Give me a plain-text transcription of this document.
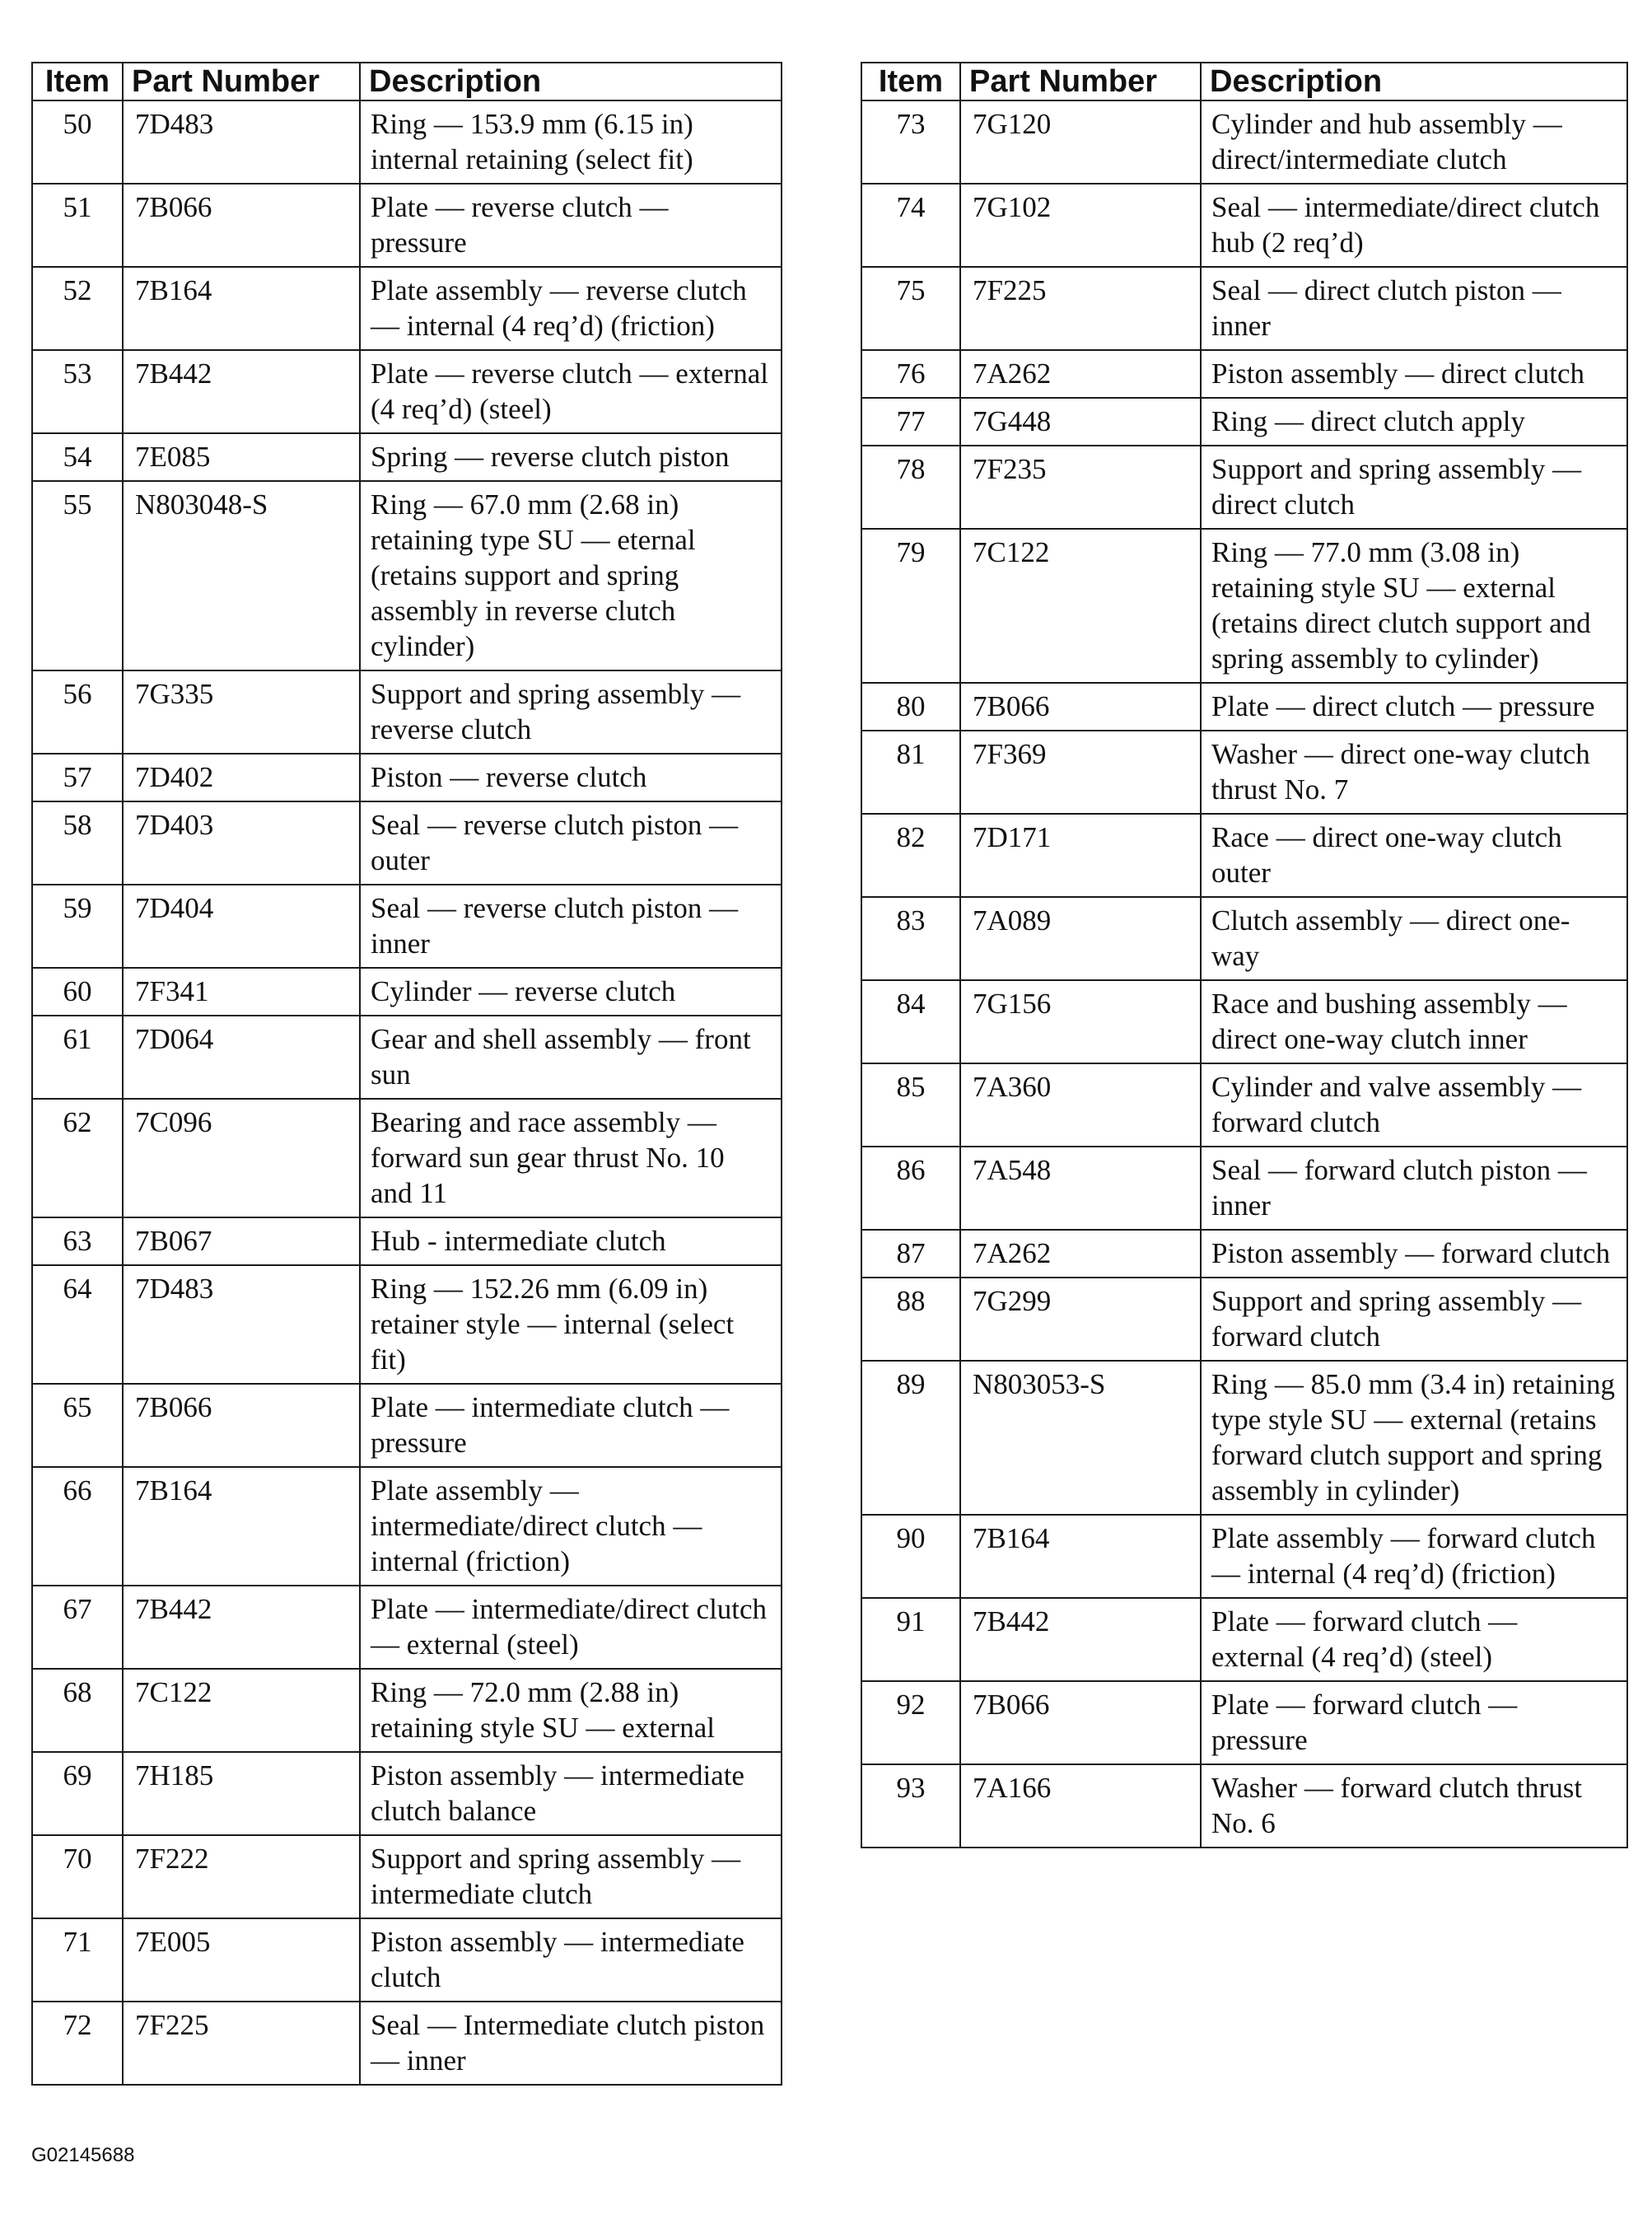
Item	Part Number	Description
50	7D483	Ring — 153.9 mm (6.15 in) internal retaining (select fit)
51	7B066	Plate — reverse clutch — pressure
52	7B164	Plate assembly — reverse clutch — internal (4 req’d) (friction)
53	7B442	Plate — reverse clutch — external (4 req’d) (steel)
54	7E085	Spring — reverse clutch piston
55	N803048-S	Ring — 67.0 mm (2.68 in) retaining type SU — eternal (retains support and spring assembly in reverse clutch cylinder)
56	7G335	Support and spring assembly — reverse clutch
57	7D402	Piston — reverse clutch
58	7D403	Seal — reverse clutch piston — outer
59	7D404	Seal — reverse clutch piston — inner
60	7F341	Cylinder — reverse clutch
61	7D064	Gear and shell assembly — front sun
62	7C096	Bearing and race assembly — forward sun gear thrust No. 10 and 11
63	7B067	Hub - intermediate clutch
64	7D483	Ring — 152.26 mm (6.09 in) retainer style — internal (select fit)
65	7B066	Plate — intermediate clutch — pressure
66	7B164	Plate assembly — intermediate/direct clutch — internal (friction)
67	7B442	Plate — intermediate/direct clutch — external (steel)
68	7C122	Ring — 72.0 mm (2.88 in) retaining style SU — external
69	7H185	Piston assembly — intermediate clutch balance
70	7F222	Support and spring assembly — intermediate clutch
71	7E005	Piston assembly — intermediate clutch
72	7F225	Seal — Intermediate clutch piston — inner
Item	Part Number	Description
73	7G120	Cylinder and hub assembly — direct/intermediate clutch
74	7G102	Seal — intermediate/direct clutch hub (2 req’d)
75	7F225	Seal — direct clutch piston — inner
76	7A262	Piston assembly — direct clutch
77	7G448	Ring — direct clutch apply
78	7F235	Support and spring assembly — direct clutch
79	7C122	Ring — 77.0 mm (3.08 in) retaining style SU — external (retains direct clutch support and spring assembly to cylinder)
80	7B066	Plate — direct clutch — pressure
81	7F369	Washer — direct one-way clutch thrust No. 7
82	7D171	Race — direct one-way clutch outer
83	7A089	Clutch assembly — direct one-way
84	7G156	Race and bushing assembly — direct one-way clutch inner
85	7A360	Cylinder and valve assembly — forward clutch
86	7A548	Seal — forward clutch piston — inner
87	7A262	Piston assembly — forward clutch
88	7G299	Support and spring assembly — forward clutch
89	N803053-S	Ring — 85.0 mm (3.4 in) retaining type style SU — external (retains forward clutch support and spring assembly in cylinder)
90	7B164	Plate assembly — forward clutch — internal (4 req’d) (friction)
91	7B442	Plate — forward clutch — external (4 req’d) (steel)
92	7B066	Plate — forward clutch — pressure
93	7A166	Washer — forward clutch thrust No. 6
G02145688
